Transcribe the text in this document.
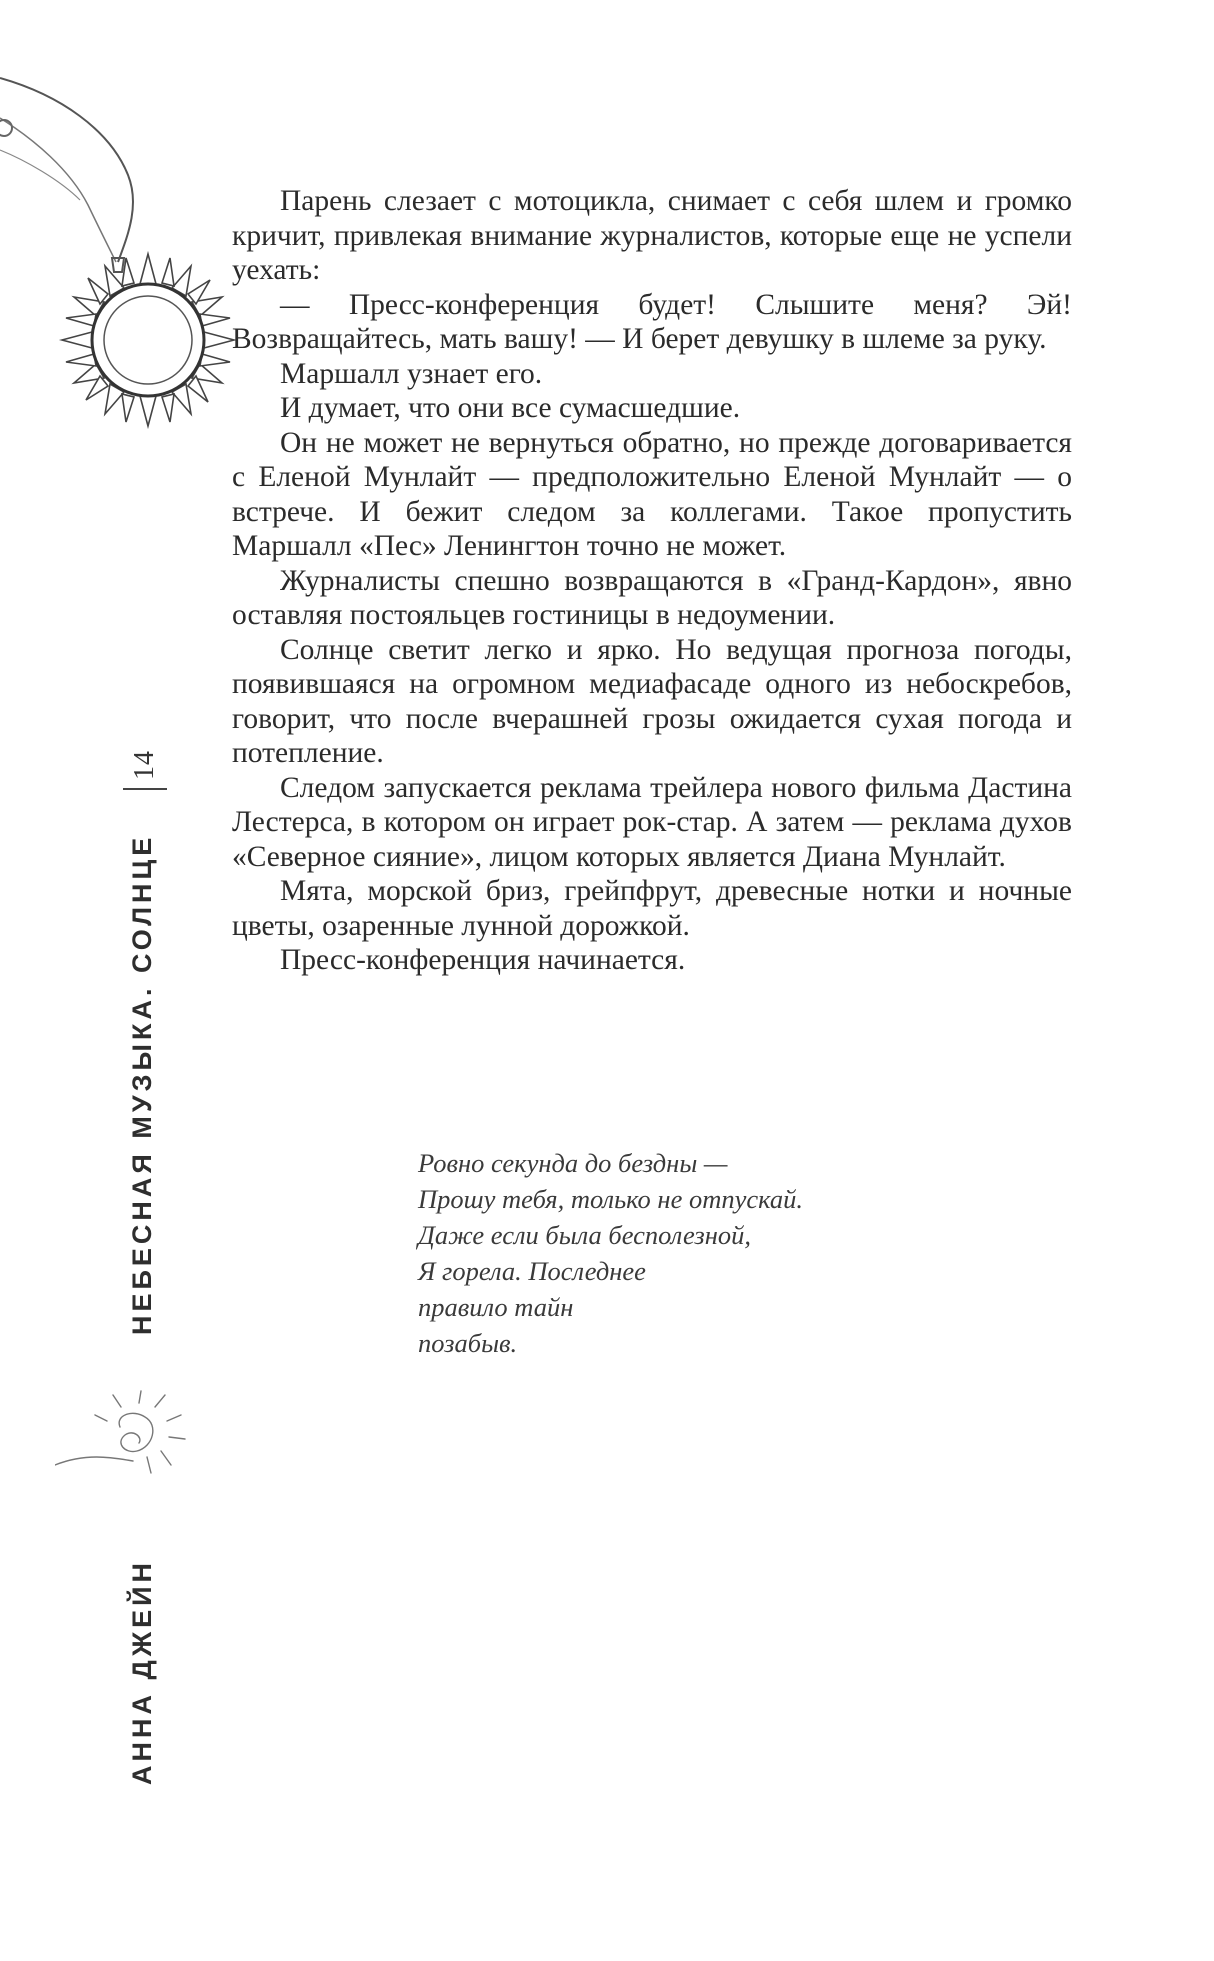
14
НЕБЕСНАЯ МУЗЫКА. СОЛНЦЕ
АННА ДЖЕЙН

Парень слезает с мотоцикла, снимает с себя шлем и громко кричит, привлекая внимание журналистов, которые еще не успели уехать:

— Пресс-конференция будет! Слышите меня? Эй! Возвращайтесь, мать вашу! — И берет девушку в шлеме за руку.

Маршалл узнает его.

И думает, что они все сумасшедшие.

Он не может не вернуться обратно, но прежде договаривается с Еленой Мунлайт — предположительно Еленой Мунлайт — о встрече. И бежит следом за коллегами. Такое пропустить Маршалл «Пес» Ленингтон точно не может.

Журналисты спешно возвращаются в «Гранд-Кардон», явно оставляя постояльцев гостиницы в недоумении.

Солнце светит легко и ярко. Но ведущая прогноза погоды, появившаяся на огромном медиафасаде одного из небоскребов, говорит, что после вчерашней грозы ожидается сухая погода и потепление.

Следом запускается реклама трейлера нового фильма Дастина Лестерса, в котором он играет рок-стар. А затем — реклама духов «Северное сияние», лицом которых является Диана Мунлайт.

Мята, морской бриз, грейпфрут, древесные нотки и ночные цветы, озаренные лунной дорожкой.

Пресс-конференция начинается.

Ровно секунда до бездны —
Прошу тебя, только не отпускай.
Даже если была бесполезной,
Я горела. Последнее
правило тайн
позабыв.
